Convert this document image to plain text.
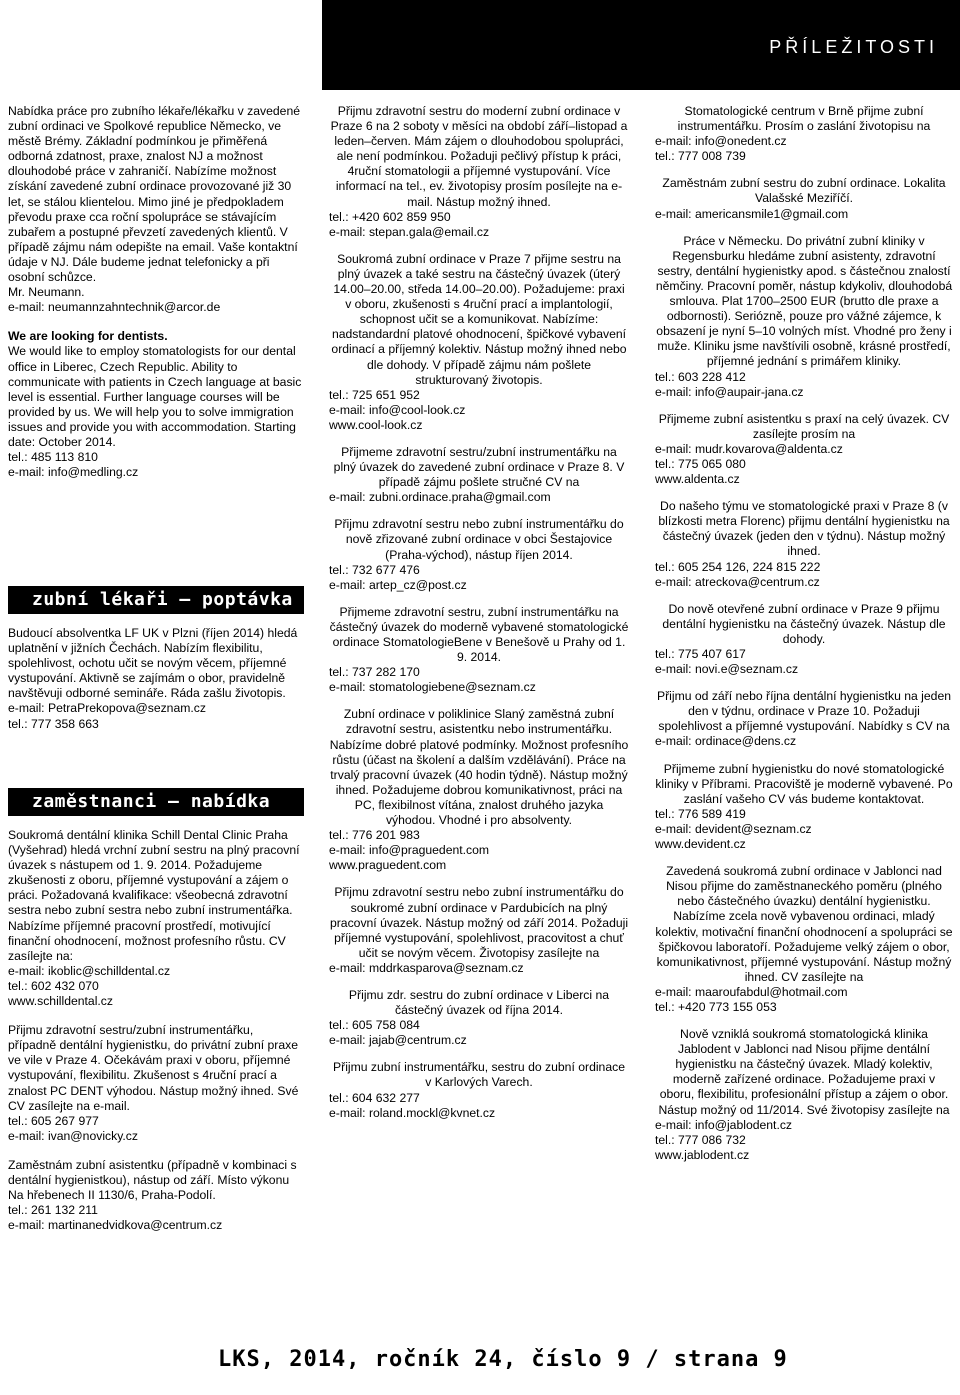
PŘÍLEŽITOSTI

Nabídka práce pro zubního lékaře/lékařku v zavedené zubní ordinaci ve Spolkové republice Německo, ve městě Brémy. Základní podmínkou je přiměřená odborná zdatnost, praxe, znalost NJ a možnost dlouhodobé práce v zahraničí. Nabízíme možnost získání zavedené zubní ordinace provozované již 30 let, se stálou klientelou. Mimo jiné je předpokladem převodu praxe cca roční spolupráce se stávajícím zubařem a postupné převzetí zavedených klientů. V případě zájmu nám odepište na email. Vaše kontaktní údaje v NJ. Dále budeme jednat telefonicky a při osobní schůzce.

Mr. Neumann.

e-mail: neumannzahntechnik@arcor.de

We are looking for dentists.

We would like to employ stomatologists for our dental office in Liberec, Czech Republic. Ability to communicate with patients in Czech language at basic level is essential. Further language courses will be provided by us. We will help you to solve immigration issues and provide you with accommodation. Starting date: October 2014.

tel.: 485 113 810

e-mail: info@medling.cz

zubní lékaři — poptávka

Budoucí absolventka LF UK v Plzni (říjen 2014) hledá uplatnění v jižních Čechách. Nabízím flexibilitu, spolehlivost, ochotu učit se novým věcem, příjemné vystupování. Aktivně se zajímám o obor, pravidelně navštěvuji odborné semináře. Ráda zašlu životopis.

e-mail: PetraPrekopova@seznam.cz

tel.: 777 358 663

zaměstnanci — nabídka

Soukromá dentální klinika Schill Dental Clinic Praha (Vyšehrad) hledá vrchní zubní sestru na plný pracovní úvazek s nástupem od 1. 9. 2014. Požadujeme zkušenosti z oboru, příjemné vystupování a zájem o práci. Požadovaná kvalifikace: všeobecná zdravotní sestra nebo zubní sestra nebo zubní instrumentářka. Nabízíme příjemné pracovní prostředí, motivující finanční ohodnocení, možnost profesního růstu. CV zasílejte na:

e-mail: ikoblic@schilldental.cz

tel.: 602 432 070

www.schilldental.cz

Přijmu zdravotní sestru/zubní instrumentářku, případně dentální hygienistku, do privátní zubní praxe ve vile v Praze 4. Očekávám praxi v oboru, příjemné vystupování, flexibilitu. Zkušenost s 4ruční prací a znalost PC DENT výhodou. Nástup možný ihned. Své CV zasílejte na e-mail.

tel.: 605 267 977

e-mail: ivan@novicky.cz

Zaměstnám zubní asistentku (případně v kombinaci s dentální hygienistkou), nástup od září. Místo výkonu Na hřebenech II 1130/6, Praha-Podolí.

tel.: 261 132 211

e-mail: martinanedvidkova@centrum.cz

Přijmu zdravotní sestru do moderní zubní ordinace v Praze 6 na 2 soboty v měsíci na období září–listopad a leden–červen. Mám zájem o dlouhodobou spolupráci, ale není podmínkou. Požaduji pečlivý přístup k práci, 4ruční stomatologii a příjemné vystupování. Více informací na tel., ev. životopisy prosím posílejte na e-mail. Nástup možný ihned.

tel.: +420 602 859 950

e-mail: stepan.gala@email.cz

Soukromá zubní ordinace v Praze 7 přijme sestru na plný úvazek a také sestru na částečný úvazek (úterý 14.00–20.00, středa 14.00–20.00). Požadujeme: praxi v oboru, zkušenosti s 4ruční prací a implantologií, schopnost učit se a komunikovat. Nabízíme: nadstandardní platové ohodnocení, špičkové vybavení ordinací a příjemný kolektiv. Nástup možný ihned nebo dle dohody. V případě zájmu nám pošlete strukturovaný životopis.

tel.: 725 651 952

e-mail: info@cool-look.cz

www.cool-look.cz

Přijmeme zdravotní sestru/zubní instrumentářku na plný úvazek do zavedené zubní ordinace v Praze 8. V případě zájmu pošlete stručné CV na

e-mail: zubni.ordinace.praha@gmail.com

Přijmu zdravotní sestru nebo zubní instrumentářku do nově zřizované zubní ordinace v obci Šestajovice (Praha-východ), nástup říjen 2014.

tel.: 732 677 476

e-mail: artep_cz@post.cz

Přijmeme zdravotní sestru, zubní instrumentářku na částečný úvazek do moderně vybavené stomatologické ordinace StomatologieBene v Benešově u Prahy od 1. 9. 2014.

tel.: 737 282 170

e-mail: stomatologiebene@seznam.cz

Zubní ordinace v poliklinice Slaný zaměstná zubní zdravotní sestru, asistentku nebo instrumentářku. Nabízíme dobré platové podmínky. Možnost profesního růstu (účast na školení a dalším vzdělávání). Práce na trvalý pracovní úvazek (40 hodin týdně). Nástup možný ihned. Požadujeme dobrou komunikativnost, práci na PC, flexibilnost vítána, znalost druhého jazyka výhodou. Vhodné i pro absolventy.

tel.: 776 201 983

e-mail: info@praguedent.com

www.praguedent.com

Přijmu zdravotní sestru nebo zubní instrumentářku do soukromé zubní ordinace v Pardubicích na plný pracovní úvazek. Nástup možný od září 2014. Požaduji příjemné vystupování, spolehlivost, pracovitost a chuť učit se novým věcem. Životopisy zasílejte na

e-mail: mddrkasparova@seznam.cz

Přijmu zdr. sestru do zubní ordinace v Liberci na částečný úvazek od října 2014.

tel.: 605 758 084

e-mail: jajab@centrum.cz

Přijmu zubní instrumentářku, sestru do zubní ordinace v Karlových Varech.

tel.: 604 632 277

e-mail: roland.mockl@kvnet.cz

Stomatologické centrum v Brně přijme zubní instrumentářku. Prosím o zaslání životopisu na

e-mail: info@onedent.cz

tel.: 777 008 739

Zaměstnám zubní sestru do zubní ordinace. Lokalita Valašské Meziříčí.

e-mail: americansmile1@gmail.com

Práce v Německu. Do privátní zubní kliniky v Regensburku hledáme zubní asistenty, zdravotní sestry, dentální hygienistky apod. s částečnou znalostí němčiny. Pracovní poměr, nástup kdykoliv, dlouhodobá smlouva. Plat 1700–2500 EUR (brutto dle praxe a odbornosti). Seriózně, pouze pro vážné zájemce, k obsazení je nyní 5–10 volných míst. Vhodné pro ženy i muže. Kliniku jsme navštívili osobně, krásné prostředí, příjemné jednání s primářem kliniky.

tel.: 603 228 412

e-mail: info@aupair-jana.cz

Přijmeme zubní asistentku s praxí na celý úvazek. CV zasílejte prosím na

e-mail: mudr.kovarova@aldenta.cz

tel.: 775 065 080

www.aldenta.cz

Do našeho týmu ve stomatologické praxi v Praze 8 (v blízkosti metra Florenc) přijmu dentální hygienistku na částečný úvazek (jeden den v týdnu). Nástup možný ihned.

tel.: 605 254 126, 224 815 222

e-mail: atreckova@centrum.cz

Do nově otevřené zubní ordinace v Praze 9 přijmu dentální hygienistku na částečný úvazek. Nástup dle dohody.

tel.: 775 407 617

e-mail: novi.e@seznam.cz

Přijmu od září nebo října dentální hygienistku na jeden den v týdnu, ordinace v Praze 10. Požaduji spolehlivost a příjemné vystupování. Nabídky s CV na

e-mail: ordinace@dens.cz

Přijmeme zubní hygienistku do nové stomatologické kliniky v Příbrami. Pracoviště je moderně vybavené. Po zaslání vašeho CV vás budeme kontaktovat.

tel.: 776 589 419

e-mail: devident@seznam.cz

www.devident.cz

Zavedená soukromá zubní ordinace v Jablonci nad Nisou přijme do zaměstnaneckého poměru (plného nebo částečného úvazku) dentální hygienistku. Nabízíme zcela nově vybavenou ordinaci, mladý kolektiv, motivační finanční ohodnocení a spolupráci se špičkovou laboratoří. Požadujeme velký zájem o obor, komunikativnost, příjemné vystupování. Nástup možný ihned. CV zasílejte na

e-mail: maaroufabdul@hotmail.com

tel.: +420 773 155 053

Nově vzniklá soukromá stomatologická klinika Jablodent v Jablonci nad Nisou přijme dentální hygienistku na částečný úvazek. Mladý kolektiv, moderně zařízené ordinace. Požadujeme praxi v oboru, flexibilitu, profesionální přístup a zájem o obor. Nástup možný od 11/2014. Své životopisy zasílejte na

e-mail: info@jablodent.cz

tel.: 777 086 732

www.jablodent.cz

LKS, 2014, ročník 24, číslo 9 / strana 9
